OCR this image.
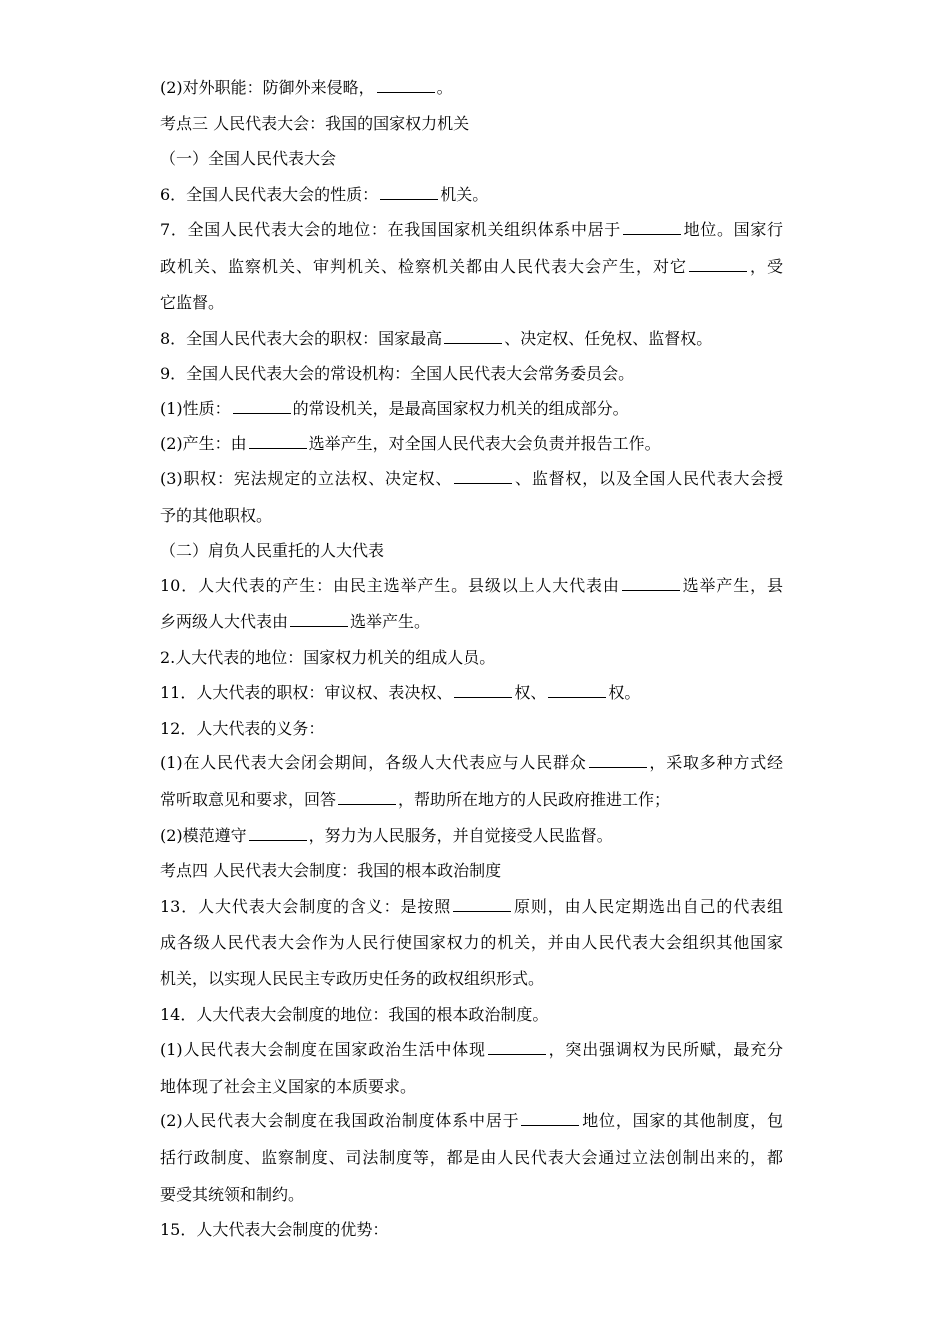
(2)对外职能：防御外来侵略，	。
考点三 人民代表大会：我国的国家权力机关
（一）全国人民代表大会
6．全国人民代表大会的性质：	机关。
7．全国人民代表大会的地位：在我国国家机关组织体系中居于	地位。国家行
政机关、监察机关、审判机关、检察机关都由人民代表大会产生，对它	，受
它监督。
8．全国人民代表大会的职权：国家最高	、决定权、任免权、监督权。
9．全国人民代表大会的常设机构：全国人民代表大会常务委员会。
(1)性质：	的常设机关，是最高国家权力机关的组成部分。
(2)产生：由	选举产生，对全国人民代表大会负责并报告工作。
(3)职权：宪法规定的立法权、决定权、	、监督权，以及全国人民代表大会授
予的其他职权。
（二）肩负人民重托的人大代表
10．人大代表的产生：由民主选举产生。县级以上人大代表由	选举产生，县
乡两级人大代表由	选举产生。
2.人大代表的地位：国家权力机关的组成人员。
11．人大代表的职权：审议权、表决权、	权、	权。
12．人大代表的义务：
(1)在人民代表大会闭会期间，各级人大代表应与人民群众	，采取多种方式经
常听取意见和要求，回答	，帮助所在地方的人民政府推进工作；
(2)模范遵守	，努力为人民服务，并自觉接受人民监督。
考点四 人民代表大会制度：我国的根本政治制度
13．人大代表大会制度的含义：是按照	原则，由人民定期选出自己的代表组
成各级人民代表大会作为人民行使国家权力的机关，并由人民代表大会组织其他国家
机关，以实现人民民主专政历史任务的政权组织形式。
14．人大代表大会制度的地位：我国的根本政治制度。
(1)人民代表大会制度在国家政治生活中体现	，突出强调权为民所赋，最充分
地体现了社会主义国家的本质要求。
(2)人民代表大会制度在我国政治制度体系中居于	地位，国家的其他制度，包
括行政制度、监察制度、司法制度等，都是由人民代表大会通过立法创制出来的，都
要受其统领和制约。
15．人大代表大会制度的优势：
